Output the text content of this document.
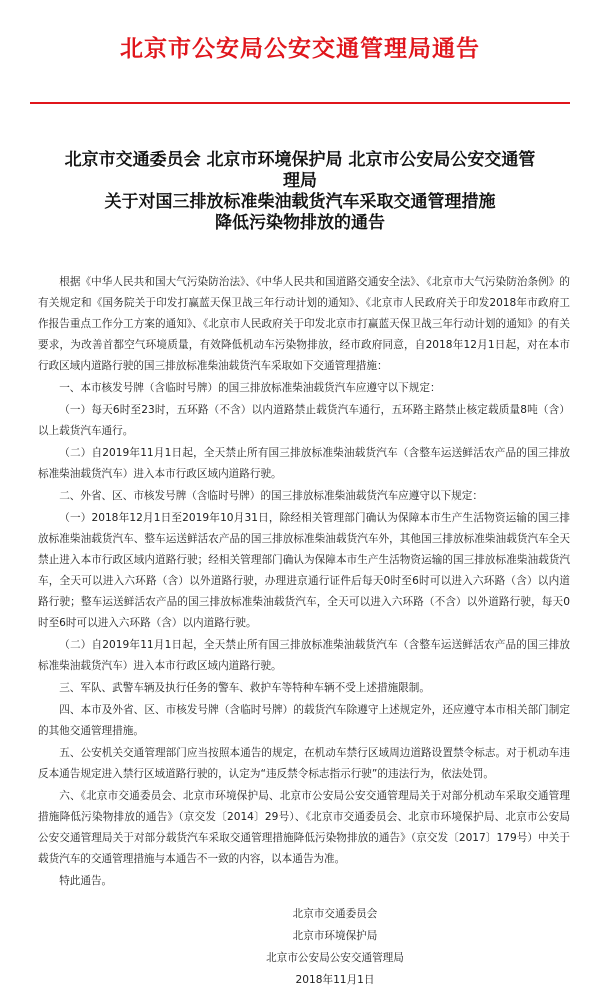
北京市公安局公安交通管理局通告
北京市交通委员会 北京市环境保护局 北京市公安局公安交通管
理局
关于对国三排放标准柴油载货汽车采取交通管理措施
降低污染物排放的通告

根据《中华人民共和国大气污染防治法》、《中华人民共和国道路交通安全法》、《北京市大气污染防治条例》的有关规定和《国务院关于印发打赢蓝天保卫战三年行动计划的通知》、《北京市人民政府关于印发2018年市政府工作报告重点工作分工方案的通知》、《北京市人民政府关于印发北京市打赢蓝天保卫战三年行动计划的通知》的有关要求，为改善首都空气环境质量，有效降低机动车污染物排放，经市政府同意，自2018年12月1日起，对在本市行政区域内道路行驶的国三排放标准柴油载货汽车采取如下交通管理措施：

一、本市核发号牌（含临时号牌）的国三排放标准柴油载货汽车应遵守以下规定：

（一）每天6时至23时，五环路（不含）以内道路禁止载货汽车通行，五环路主路禁止核定载质量8吨（含）以上载货汽车通行。

（二）自2019年11月1日起，全天禁止所有国三排放标准柴油载货汽车（含整车运送鲜活农产品的国三排放标准柴油载货汽车）进入本市行政区域内道路行驶。

二、外省、区、市核发号牌（含临时号牌）的国三排放标准柴油载货汽车应遵守以下规定：

（一）2018年12月1日至2019年10月31日，除经相关管理部门确认为保障本市生产生活物资运输的国三排放标准柴油载货汽车、整车运送鲜活农产品的国三排放标准柴油载货汽车外，其他国三排放标准柴油载货汽车全天禁止进入本市行政区域内道路行驶；经相关管理部门确认为保障本市生产生活物资运输的国三排放标准柴油载货汽车，全天可以进入六环路（含）以外道路行驶，办理进京通行证件后每天0时至6时可以进入六环路（含）以内道路行驶；整车运送鲜活农产品的国三排放标准柴油载货汽车，全天可以进入六环路（不含）以外道路行驶，每天0时至6时可以进入六环路（含）以内道路行驶。

（二）自2019年11月1日起，全天禁止所有国三排放标准柴油载货汽车（含整车运送鲜活农产品的国三排放标准柴油载货汽车）进入本市行政区域内道路行驶。

三、军队、武警车辆及执行任务的警车、救护车等特种车辆不受上述措施限制。

四、本市及外省、区、市核发号牌（含临时号牌）的载货汽车除遵守上述规定外，还应遵守本市相关部门制定的其他交通管理措施。

五、公安机关交通管理部门应当按照本通告的规定，在机动车禁行区域周边道路设置禁令标志。对于机动车违反本通告规定进入禁行区域道路行驶的，认定为“违反禁令标志指示行驶”的违法行为，依法处罚。

六、《北京市交通委员会、北京市环境保护局、北京市公安局公安交通管理局关于对部分机动车采取交通管理措施降低污染物排放的通告》（京交发〔2014〕29号）、《北京市交通委员会、北京市环境保护局、北京市公安局公安交通管理局关于对部分载货汽车采取交通管理措施降低污染物排放的通告》（京交发〔2017〕179号）中关于载货汽车的交通管理措施与本通告不一致的内容，以本通告为准。

特此通告。

北京市交通委员会
北京市环境保护局
北京市公安局公安交通管理局
2018年11月1日
